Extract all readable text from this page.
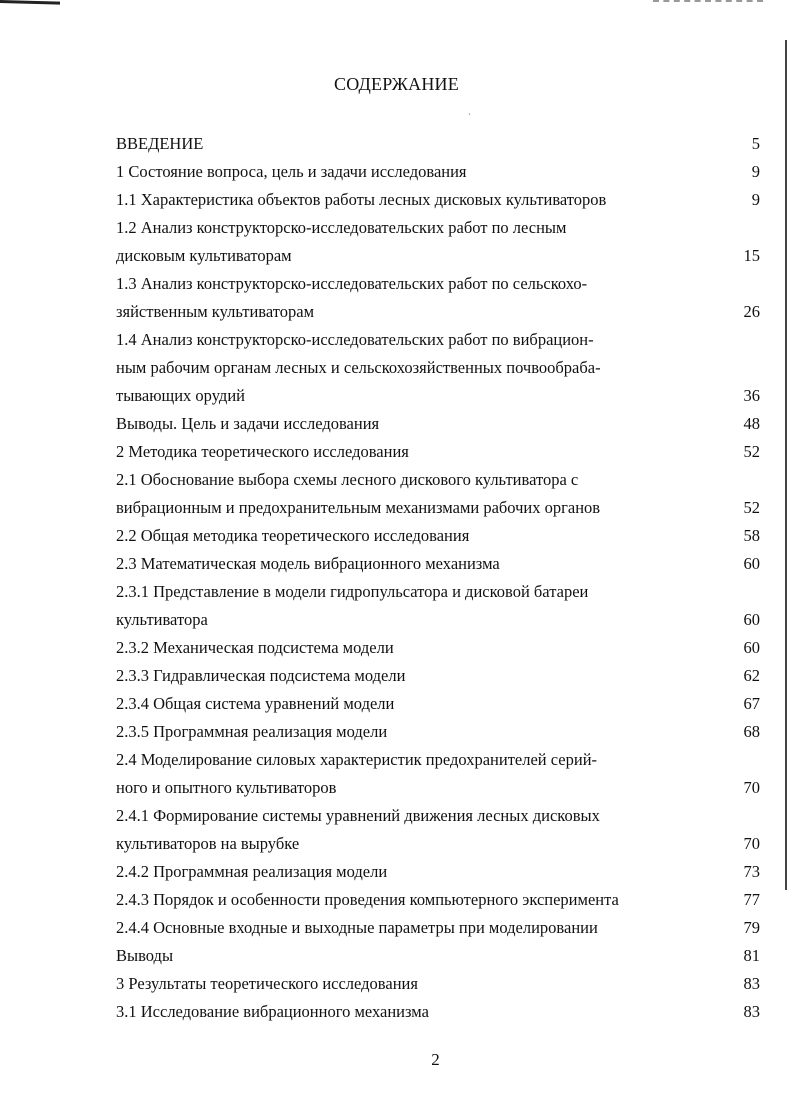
СОДЕРЖАНИЕ
ˋ
ВВЕДЕНИЕ	5
1 Состояние вопроса, цель и задачи исследования	9
1.1 Характеристика объектов работы лесных дисковых культиваторов	9
1.2 Анализ конструкторско-исследовательских работ по лесным
дисковым культиваторам	15
1.3 Анализ конструкторско-исследовательских работ по сельскохо-
зяйственным культиваторам	26
1.4 Анализ конструкторско-исследовательских работ по вибрацион-
ным рабочим органам лесных и сельскохозяйственных почвообраба-
тывающих орудий	36
Выводы. Цель и задачи исследования	48
2 Методика теоретического исследования	52
2.1 Обоснование выбора схемы лесного дискового культиватора с
вибрационным и предохранительным механизмами рабочих органов	52
2.2 Общая методика теоретического исследования	58
2.3 Математическая модель вибрационного механизма	60
2.3.1 Представление в модели гидропульсатора и дисковой батареи
культиватора	60
2.3.2 Механическая подсистема модели	60
2.3.3 Гидравлическая подсистема модели	62
2.3.4 Общая система уравнений модели	67
2.3.5 Программная реализация модели	68
2.4 Моделирование силовых характеристик предохранителей серий-
ного и опытного культиваторов	70
2.4.1 Формирование системы уравнений движения лесных дисковых
культиваторов на вырубке	70
2.4.2 Программная реализация модели	73
2.4.3 Порядок и особенности проведения компьютерного эксперимента	77
2.4.4 Основные входные и выходные параметры при моделировании	79
Выводы	81
3 Результаты теоретического исследования	83
3.1 Исследование вибрационного механизма	83
2
